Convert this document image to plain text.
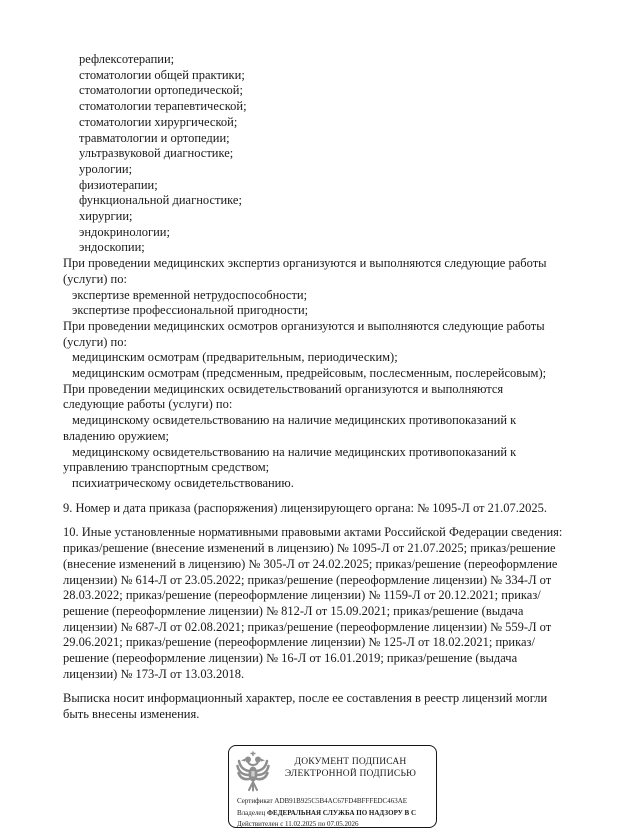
рефлексотерапии;

стоматологии общей практики;

стоматологии ортопедической;

стоматологии терапевтической;

стоматологии хирургической;

травматологии и ортопедии;

ультразвуковой диагностике;

урологии;

физиотерапии;

функциональной диагностике;

хирургии;

эндокринологии;

эндоскопии;

При проведении медицинских экспертиз организуются и выполняются следующие работы (услуги) по:

экспертизе временной нетрудоспособности;

экспертизе профессиональной пригодности;

При проведении медицинских осмотров организуются и выполняются следующие работы (услуги) по:

медицинским осмотрам (предварительным, периодическим);

медицинским осмотрам (предсменным, предрейсовым, послесменным, послерейсовым);

При проведении медицинских освидетельствований организуются и выполняются следующие работы (услуги) по:

медицинскому освидетельствованию на наличие медицинских противопоказаний к владению оружием;

медицинскому освидетельствованию на наличие медицинских противопоказаний к управлению транспортным средством;

психиатрическому освидетельствованию.

9. Номер и дата приказа (распоряжения) лицензирующего органа: № 1095-Л от 21.07.2025.

10. Иные установленные нормативными правовыми актами Российской Федерации сведения: приказ/решение (внесение изменений в лицензию) № 1095-Л от 21.07.2025; приказ/решение (внесение изменений в лицензию) № 305-Л от 24.02.2025; приказ/решение (переоформление лицензии) № 614-Л от 23.05.2022; приказ/решение (переоформление лицензии) № 334-Л от 28.03.2022; приказ/решение (переоформление лицензии) № 1159-Л от 20.12.2021; приказ/решение (переоформление лицензии) № 812-Л от 15.09.2021; приказ/решение (выдача лицензии) № 687-Л от 02.08.2021; приказ/решение (переоформление лицензии) № 559-Л от 29.06.2021; приказ/решение (переоформление лицензии) № 125-Л от 18.02.2021; приказ/решение (переоформление лицензии) № 16-Л от 16.01.2019; приказ/решение (выдача лицензии) № 173-Л от 13.03.2018.

Выписка носит информационный характер, после ее составления в реестр лицензий могли быть внесены изменения.

ДОКУМЕНТ ПОДПИСАН
ЭЛЕКТРОННОЙ ПОДПИСЬЮ
Сертификат ADB91B925C5B4AC67FD4BFFFEDC463AE
Владелец ФЕДЕРАЛЬНАЯ СЛУЖБА ПО НАДЗОРУ В С
Действителен с 11.02.2025 по 07.05.2026
